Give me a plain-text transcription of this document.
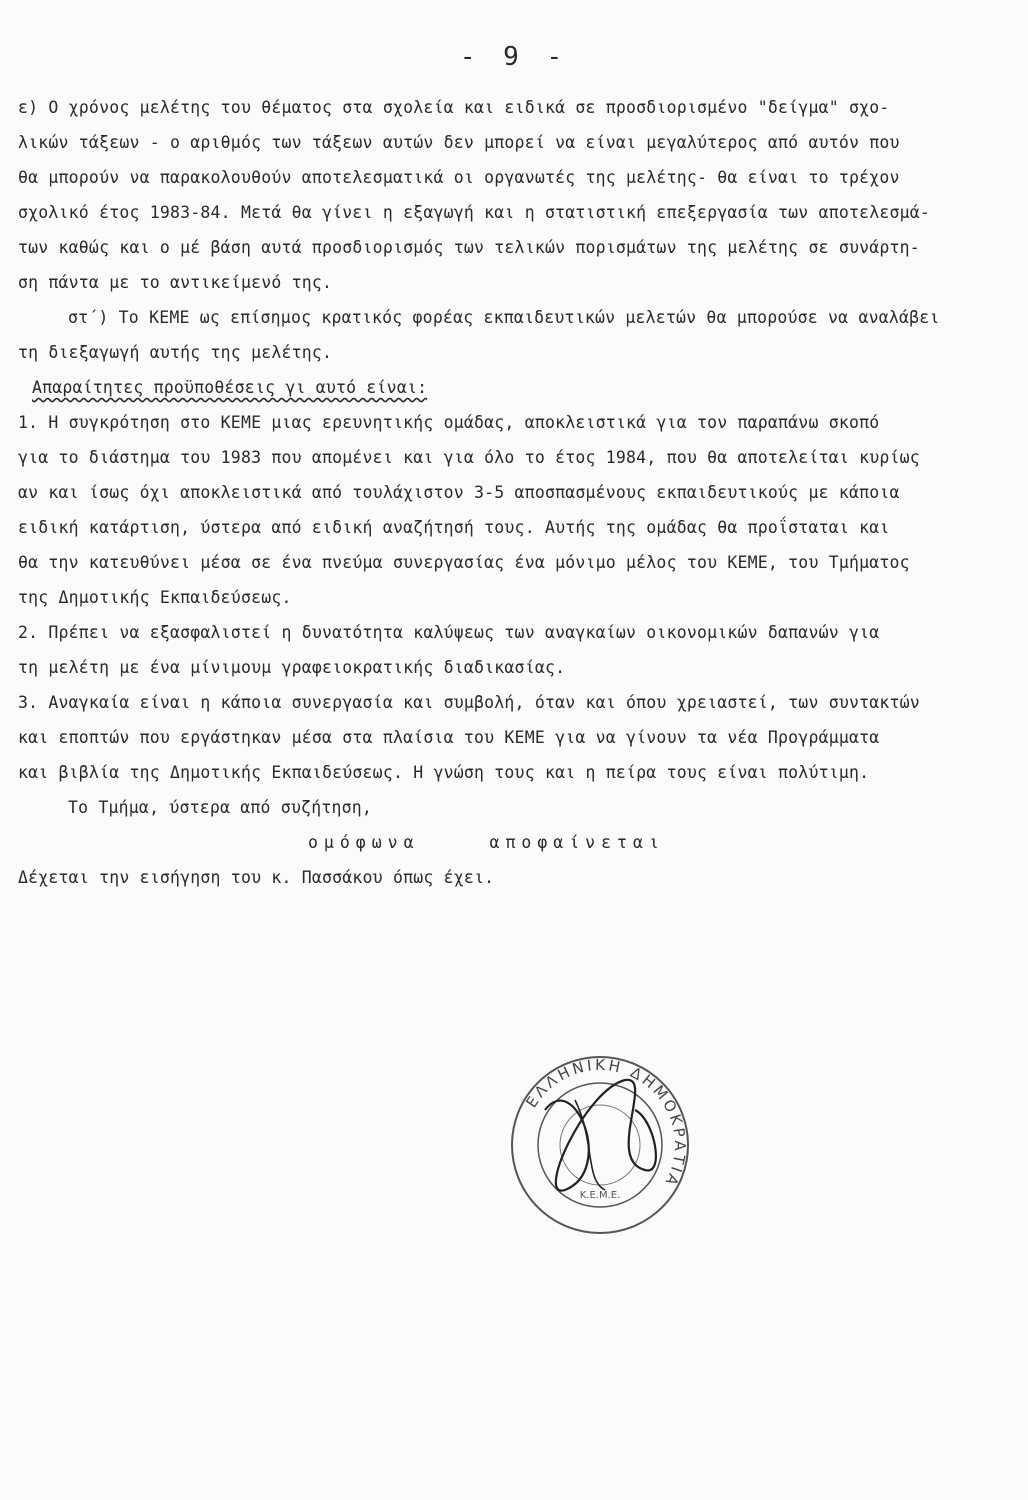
- 9 -
ε) Ο χρόνος μελέτης του θέματος στα σχολεία και ειδικά σε προσδιορισμένο "δείγμα" σχο-
λικών τάξεων - ο αριθμός των τάξεων αυτών δεν μπορεί να είναι μεγαλύτερος από αυτόν που
θα μπορούν να παρακολουθούν αποτελεσματικά οι οργανωτές της μελέτης- θα είναι το τρέχον
σχολικό έτος 1983-84. Μετά θα γίνει η εξαγωγή και η στατιστική επεξεργασία των αποτελεσμά-
των καθώς και ο μέ βάση αυτά προσδιορισμός των τελικών πορισμάτων της μελέτης σε συνάρτη-
ση πάντα με το αντικείμενό της.
στ΄) Το ΚΕΜΕ ως επίσημος κρατικός φορέας εκπαιδευτικών μελετών θα μπορούσε να αναλάβει
τη διεξαγωγή αυτής της μελέτης.
Απαραίτητες προϋποθέσεις γι αυτό είναι:
1. Η συγκρότηση στο ΚΕΜΕ μιας ερευνητικής ομάδας, αποκλειστικά για τον παραπάνω σκοπό
για το διάστημα του 1983 που απομένει και για όλο το έτος 1984, που θα αποτελείται κυρίως
αν και ίσως όχι αποκλειστικά από τουλάχιστον 3-5 αποσπασμένους εκπαιδευτικούς με κάποια
ειδική κατάρτιση, ύστερα από ειδική αναζήτησή τους. Αυτής της ομάδας θα προΐσταται και
θα την κατευθύνει μέσα σε ένα πνεύμα συνεργασίας ένα μόνιμο μέλος του ΚΕΜΕ, του Τμήματος
της Δημοτικής Εκπαιδεύσεως.
2. Πρέπει να εξασφαλιστεί η δυνατότητα καλύψεως των αναγκαίων οικονομικών δαπανών για
τη μελέτη με ένα μίνιμουμ γραφειοκρατικής διαδικασίας.
3. Αναγκαία είναι η κάποια συνεργασία και συμβολή, όταν και όπου χρειαστεί, των συντακτών
και εποπτών που εργάστηκαν μέσα στα πλαίσια του ΚΕΜΕ για να γίνουν τα νέα Προγράμματα
και βιβλία της Δημοτικής Εκπαιδεύσεως. Η γνώση τους και η πείρα τους είναι πολύτιμη.
Το Τμήμα, ύστερα από συζήτηση,
ομόφωνα	αποφαίνεται
Δέχεται την εισήγηση του κ. Πασσάκου όπως έχει.
ΕΛΛΗΝΙΚΗ ΔΗΜΟΚΡΑΤΙΑ
Κ.Ε.Μ.Ε.
